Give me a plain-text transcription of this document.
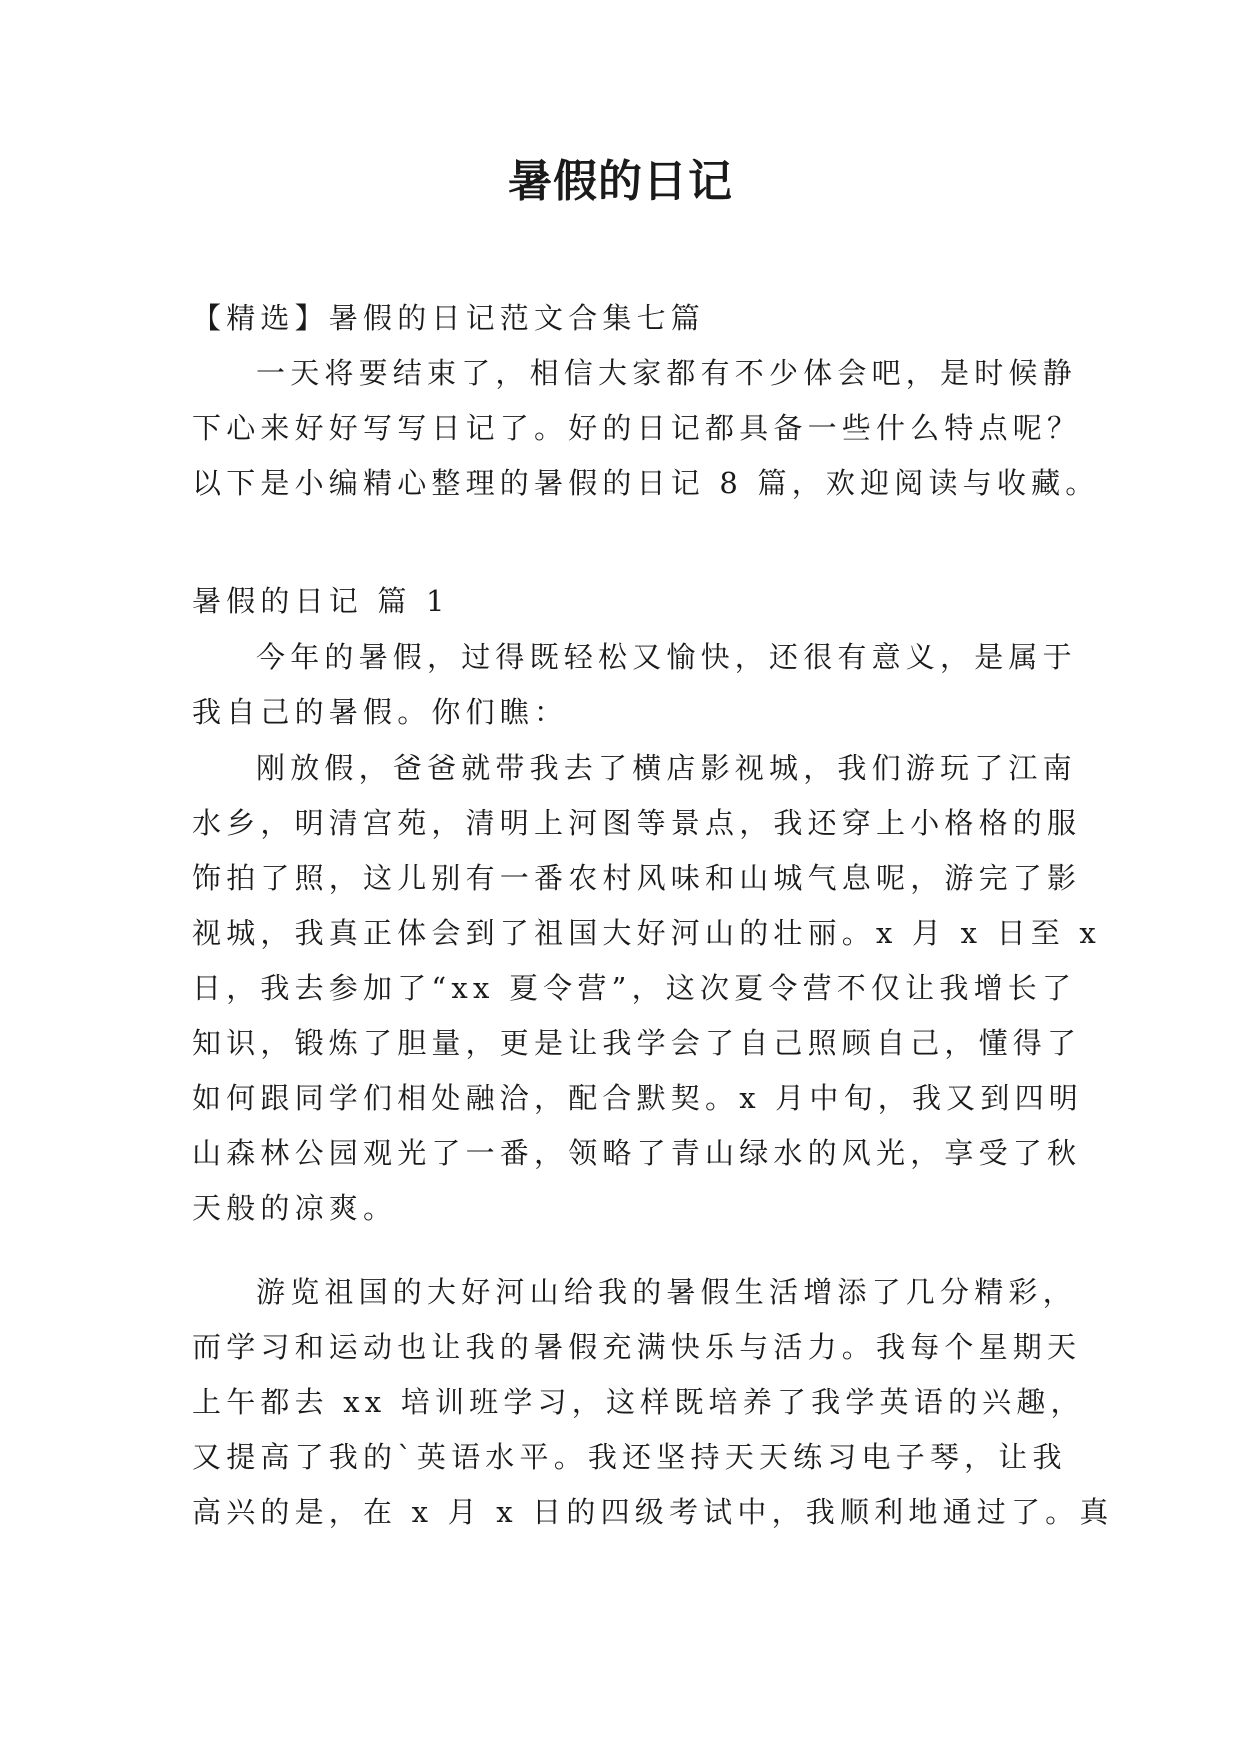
暑假的日记

【精选】暑假的日记范文合集七篇

一天将要结束了，相信大家都有不少体会吧，是时候静

下心来好好写写日记了。好的日记都具备一些什么特点呢？

以下是小编精心整理的暑假的日记 8 篇，欢迎阅读与收藏。

暑假的日记 篇 1

今年的暑假，过得既轻松又愉快，还很有意义，是属于

我自己的暑假。你们瞧：

刚放假，爸爸就带我去了横店影视城，我们游玩了江南

水乡，明清宫苑，清明上河图等景点，我还穿上小格格的服

饰拍了照，这儿别有一番农村风味和山城气息呢，游完了影

视城，我真正体会到了祖国大好河山的壮丽。x 月 x 日至 x

日，我去参加了“xx 夏令营”，这次夏令营不仅让我增长了

知识，锻炼了胆量，更是让我学会了自己照顾自己，懂得了

如何跟同学们相处融洽，配合默契。x 月中旬，我又到四明

山森林公园观光了一番，领略了青山绿水的风光，享受了秋

天般的凉爽。

游览祖国的大好河山给我的暑假生活增添了几分精彩，

而学习和运动也让我的暑假充满快乐与活力。我每个星期天

上午都去 xx 培训班学习，这样既培养了我学英语的兴趣，

又提高了我的`英语水平。我还坚持天天练习电子琴，让我

高兴的是，在 x 月 x 日的四级考试中，我顺利地通过了。真
